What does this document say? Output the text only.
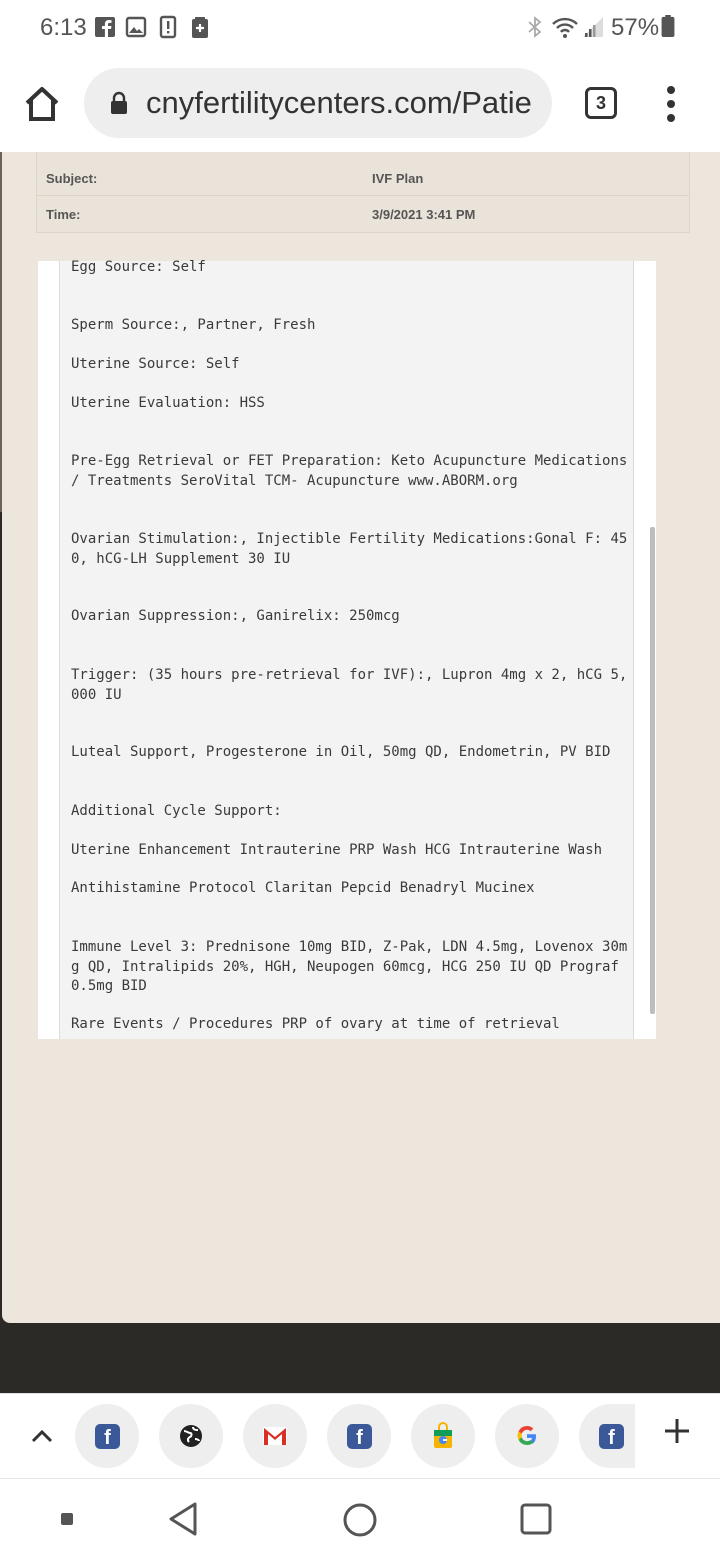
6:13	57%
cnyfertilitycenters.com/Patie	3
Subject:	IVF Plan
Time:	3/9/2021 3:41 PM
Egg Source: Self
Sperm Source:, Partner, Fresh
Uterine Source: Self
Uterine Evaluation: HSS
Pre-Egg Retrieval or FET Preparation: Keto Acupuncture Medications / Treatments SeroVital TCM- Acupuncture www.ABORM.org
Ovarian Stimulation:, Injectible Fertility Medications:Gonal F: 450, hCG-LH Supplement 30 IU
Ovarian Suppression:, Ganirelix: 250mcg
Trigger: (35 hours pre-retrieval for IVF):, Lupron 4mg x 2, hCG 5,000 IU
Luteal Support, Progesterone in Oil, 50mg QD, Endometrin, PV BID
Additional Cycle Support:
Uterine Enhancement Intrauterine PRP Wash HCG Intrauterine Wash
Antihistamine Protocol Claritan Pepcid Benadryl Mucinex
Immune Level 3: Prednisone 10mg BID, Z-Pak, LDN 4.5mg, Lovenox 30mg QD, Intralipids 20%, HGH, Neupogen 60mcg, HCG 250 IU QD Prograf 0.5mg BID
Rare Events / Procedures PRP of ovary at time of retrieval
f	f	f
